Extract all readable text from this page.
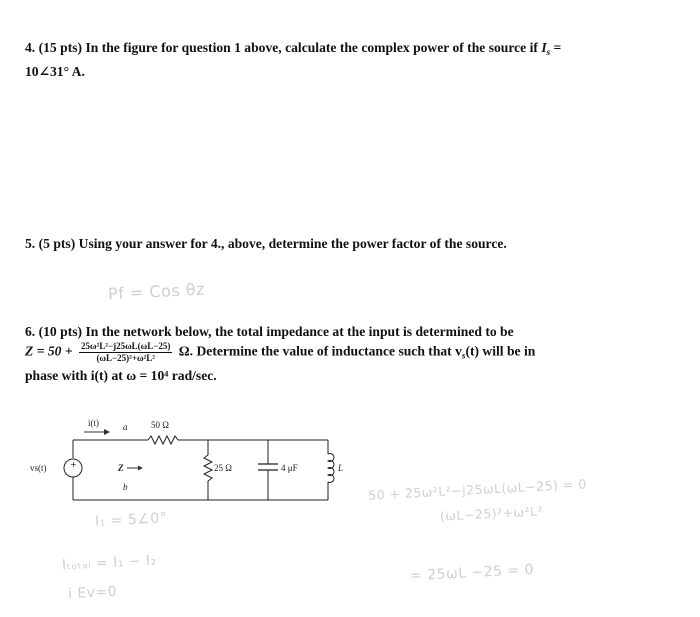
4. (15 pts) In the figure for question 1 above, calculate the complex power of the source if $I_s$ =
10∠31° A.
5. (5 pts) Using your answer for 4., above, determine the power factor of the source.
Pf = Cos θz
6. (10 pts) In the network below, the total impedance at the input is determined to be
$Z = 50 + \frac{\text{25ω²L²−j25ωL(ωL−25)}}{\text{(ωL−25)²+ω²L²}} \Omega$. Determine the value of inductance such that $v_s(t)$ will be in
phase with i(t) at ω = 10⁴ rad/sec.
i(t)	a	50 Ω
+
vs(t)	Z
b
25 Ω	4 μF	L
I₁ = 5∠0°
Iₜₒₜₐₗ = I₁ − I₂
i Ev=0
50 + 25ω²L²−j25ωL(ωL−25) = 0
(ωL−25)²+ω²L²
= 25ωL −25 = 0
